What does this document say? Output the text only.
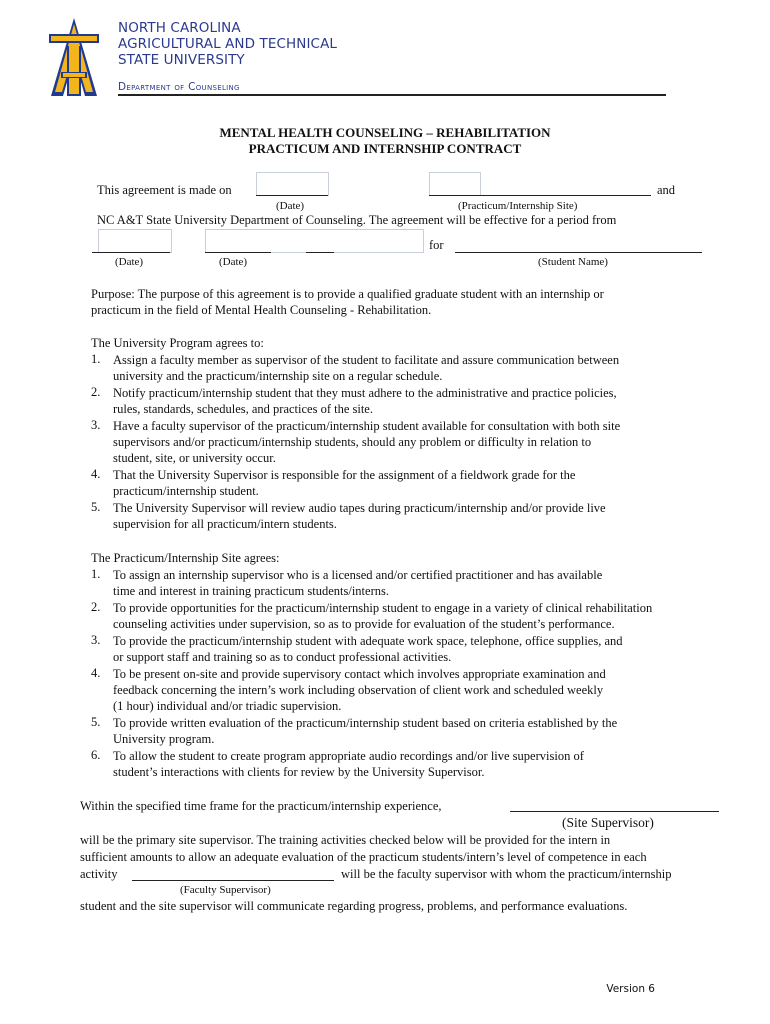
NORTH CAROLINA
AGRICULTURAL AND TECHNICAL
STATE UNIVERSITY
Department of Counseling
MENTAL HEALTH COUNSELING – REHABILITATION
PRACTICUM AND INTERNSHIP CONTRACT
This agreement is made on	and
(Date)	(Practicum/Internship Site)
NC A&T State University Department of Counseling. The agreement will be effective for a period from
for
(Date)	(Date)	(Student Name)
Purpose: The purpose of this agreement is to provide a qualified graduate student with an internship or
practicum in the field of Mental Health Counseling - Rehabilitation.
The University Program agrees to:
1. Assign a faculty member as supervisor of the student to facilitate and assure communication between
university and the practicum/internship site on a regular schedule.
2. Notify practicum/internship student that they must adhere to the administrative and practice policies,
rules, standards, schedules, and practices of the site.
3. Have a faculty supervisor of the practicum/internship student available for consultation with both site
supervisors and/or practicum/internship students, should any problem or difficulty in relation to
student, site, or university occur.
4. That the University Supervisor is responsible for the assignment of a fieldwork grade for the
practicum/internship student.
5. The University Supervisor will review audio tapes during practicum/internship and/or provide live
supervision for all practicum/intern students.
The Practicum/Internship Site agrees:
1. To assign an internship supervisor who is a licensed and/or certified practitioner and has available
time and interest in training practicum students/interns.
2. To provide opportunities for the practicum/internship student to engage in a variety of clinical rehabilitation
counseling activities under supervision, so as to provide for evaluation of the student’s performance.
3. To provide the practicum/internship student with adequate work space, telephone, office supplies, and
or support staff and training so as to conduct professional activities.
4. To be present on-site and provide supervisory contact which involves appropriate examination and
feedback concerning the intern’s work including observation of client work and scheduled weekly
(1 hour) individual and/or triadic supervision.
5. To provide written evaluation of the practicum/internship student based on criteria established by the
University program.
6. To allow the student to create program appropriate audio recordings and/or live supervision of
student’s interactions with clients for review by the University Supervisor.
Within the specified time frame for the practicum/internship experience,
(Site Supervisor)
will be the primary site supervisor. The training activities checked below will be provided for the intern in
sufficient amounts to allow an adequate evaluation of the practicum students/intern’s level of competence in each
activity	will be the faculty supervisor with whom the practicum/internship
(Faculty Supervisor)
student and the site supervisor will communicate regarding progress, problems, and performance evaluations.
Version 6
